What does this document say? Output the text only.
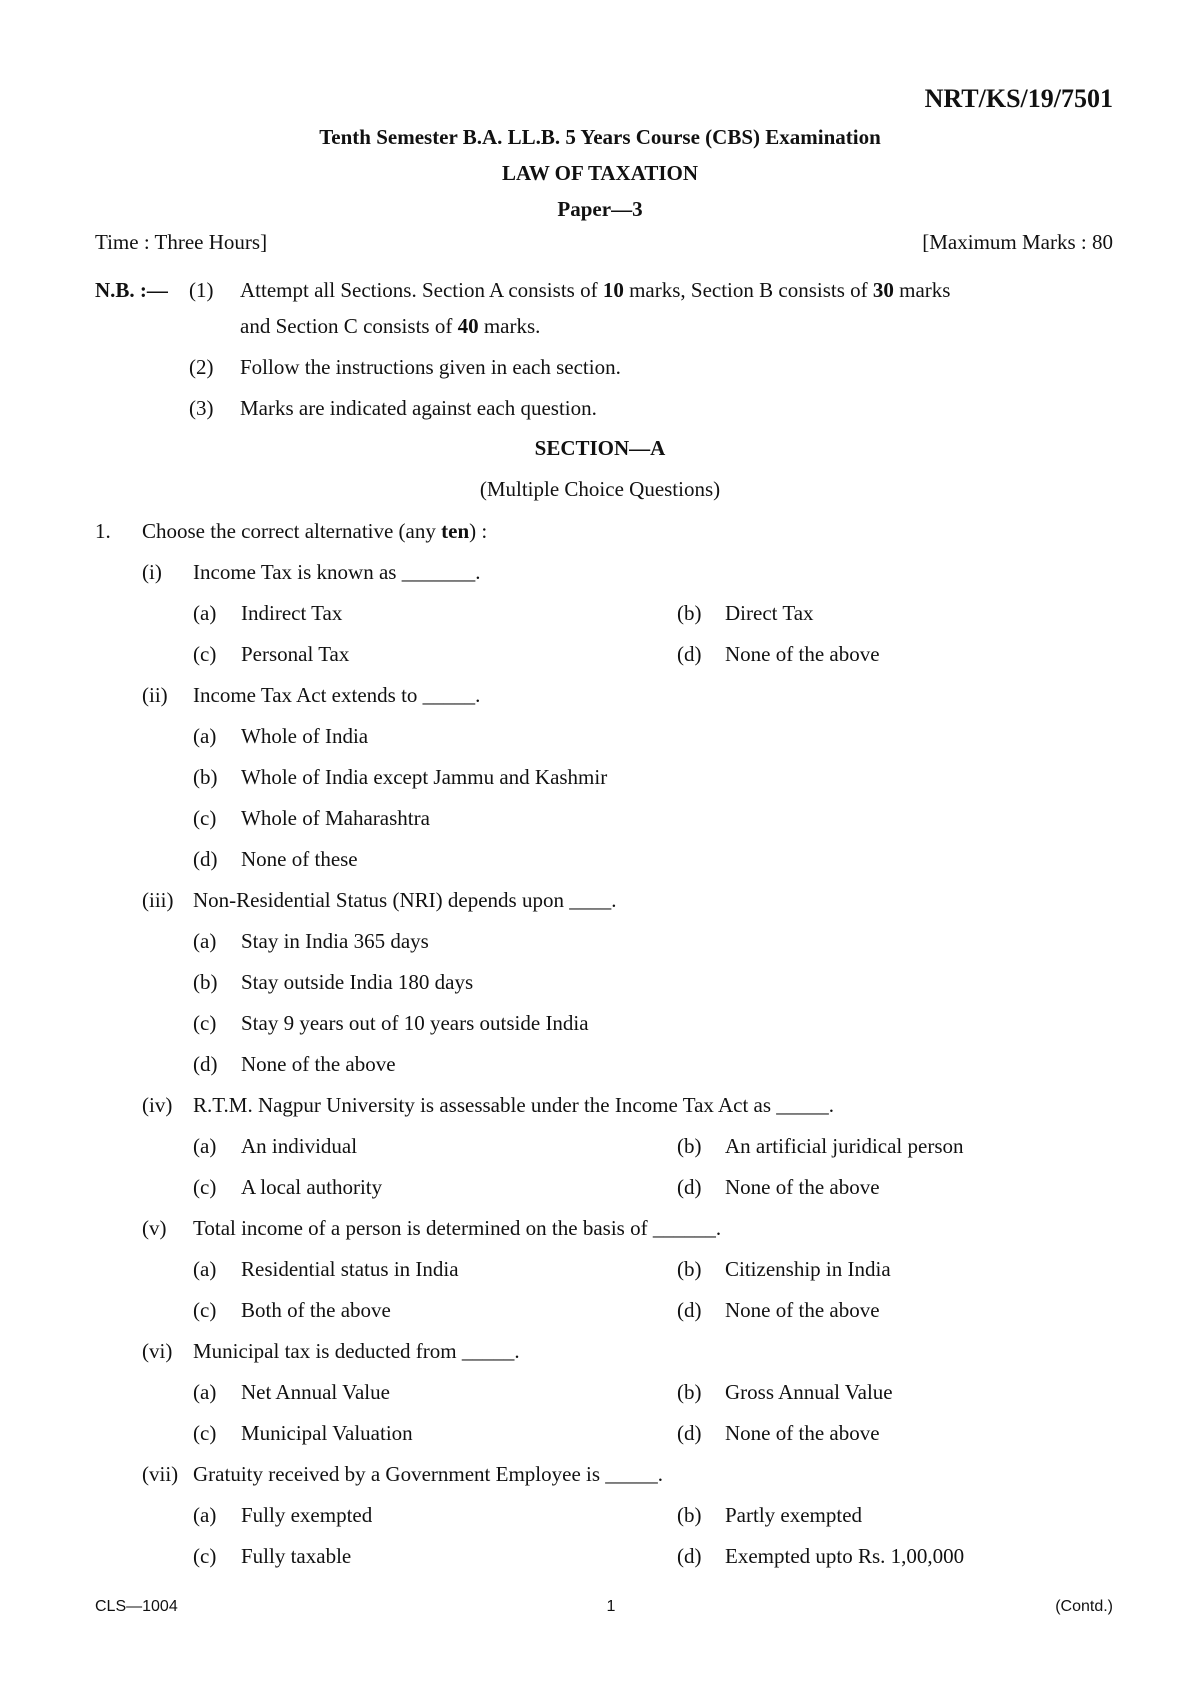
NRT/KS/19/7501
Tenth Semester B.A. LL.B. 5 Years Course (CBS) Examination
LAW OF TAXATION
Paper—3
Time : Three Hours]	[Maximum Marks : 80
N.B. :— (1) Attempt all Sections. Section A consists of 10 marks, Section B consists of 30 marks
and Section C consists of 40 marks.
(2) Follow the instructions given in each section.
(3) Marks are indicated against each question.
SECTION—A
(Multiple Choice Questions)
1. Choose the correct alternative (any ten) :
(i) Income Tax is known as _______.
(a) Indirect Tax	(b) Direct Tax
(c) Personal Tax	(d) None of the above
(ii) Income Tax Act extends to _____.
(a) Whole of India
(b) Whole of India except Jammu and Kashmir
(c) Whole of Maharashtra
(d) None of these
(iii) Non-Residential Status (NRI) depends upon ____.
(a) Stay in India 365 days
(b) Stay outside India 180 days
(c) Stay 9 years out of 10 years outside India
(d) None of the above
(iv) R.T.M. Nagpur University is assessable under the Income Tax Act as _____.
(a) An individual	(b) An artificial juridical person
(c) A local authority	(d) None of the above
(v) Total income of a person is determined on the basis of ______.
(a) Residential status in India	(b) Citizenship in India
(c) Both of the above	(d) None of the above
(vi) Municipal tax is deducted from _____.
(a) Net Annual Value	(b) Gross Annual Value
(c) Municipal Valuation	(d) None of the above
(vii) Gratuity received by a Government Employee is _____.
(a) Fully exempted	(b) Partly exempted
(c) Fully taxable	(d) Exempted upto Rs. 1,00,000
CLS—1004	1	(Contd.)
